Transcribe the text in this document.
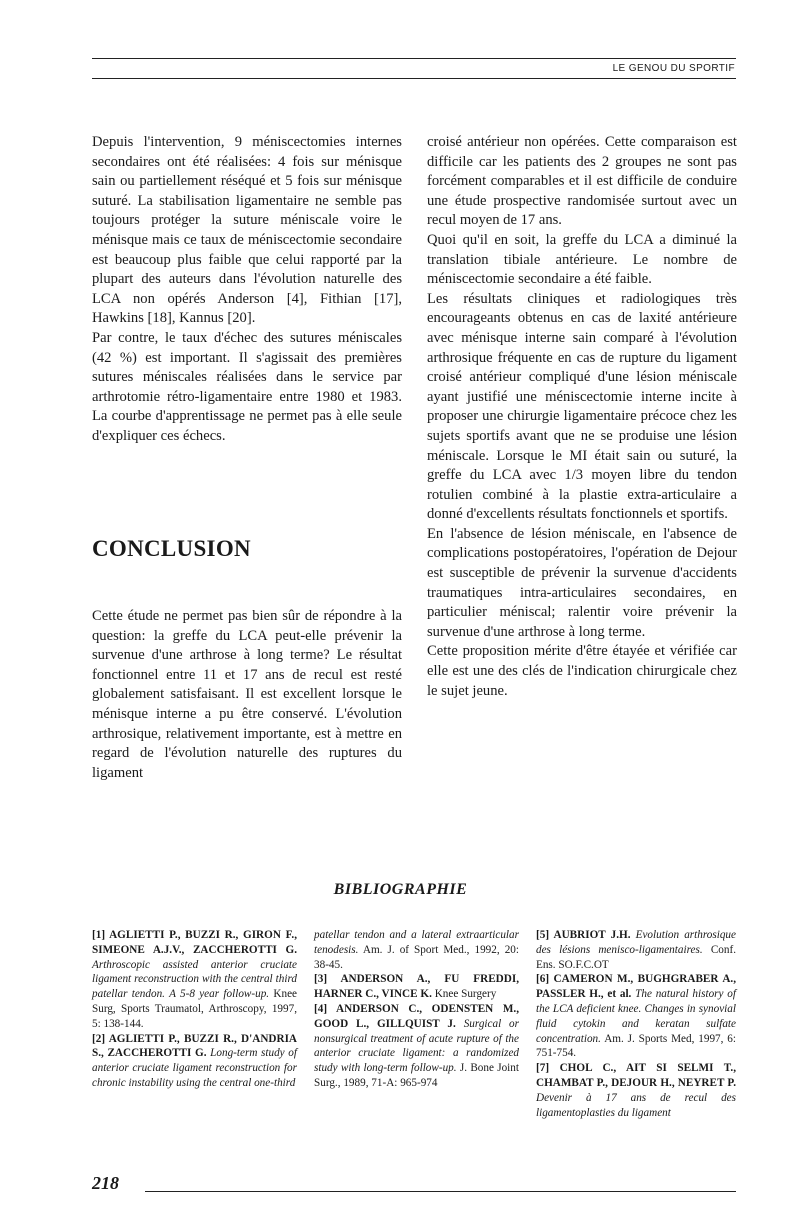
LE GENOU DU SPORTIF

Depuis l'intervention, 9 méniscectomies internes secondaires ont été réalisées: 4 fois sur ménisque sain ou partiellement réséqué et 5 fois sur ménisque suturé. La stabilisation ligamentaire ne semble pas toujours protéger la suture méniscale voire le ménisque mais ce taux de méniscectomie secondaire est beaucoup plus faible que celui rapporté par la plupart des auteurs dans l'évolution naturelle des LCA non opérés Anderson [4], Fithian [17], Hawkins [18], Kannus [20].

Par contre, le taux d'échec des sutures méniscales (42 %) est important. Il s'agissait des premières sutures méniscales réalisées dans le service par arthrotomie rétro-ligamentaire entre 1980 et 1983. La courbe d'apprentissage ne permet pas à elle seule d'expliquer ces échecs.

CONCLUSION

Cette étude ne permet pas bien sûr de répondre à la question: la greffe du LCA peut-elle prévenir la survenue d'une arthrose à long terme? Le résultat fonctionnel entre 11 et 17 ans de recul est resté globalement satisfaisant. Il est excellent lorsque le ménisque interne a pu être conservé. L'évolution arthrosique, relativement importante, est à mettre en regard de l'évolution naturelle des ruptures du ligament

croisé antérieur non opérées. Cette comparaison est difficile car les patients des 2 groupes ne sont pas forcément comparables et il est difficile de conduire une étude prospective randomisée surtout avec un recul moyen de 17 ans.

Quoi qu'il en soit, la greffe du LCA a diminué la translation tibiale antérieure. Le nombre de méniscectomie secondaire a été faible.

Les résultats cliniques et radiologiques très encourageants obtenus en cas de laxité antérieure avec ménisque interne sain comparé à l'évolution arthrosique fréquente en cas de rupture du ligament croisé antérieur compliqué d'une lésion méniscale ayant justifié une méniscectomie interne incite à proposer une chirurgie ligamentaire précoce chez les sujets sportifs avant que ne se produise une lésion méniscale. Lorsque le MI était sain ou suturé, la greffe du LCA avec 1/3 moyen libre du tendon rotulien combiné à la plastie extra-articulaire a donné d'excellents résultats fonctionnels et sportifs.

En l'absence de lésion méniscale, en l'absence de complications postopératoires, l'opération de Dejour est susceptible de prévenir la survenue d'accidents traumatiques intra-articulaires secondaires, en particulier méniscal; ralentir voire prévenir la survenue d'une arthrose à long terme.

Cette proposition mérite d'être étayée et vérifiée car elle est une des clés de l'indication chirurgicale chez le sujet jeune.

BIBLIOGRAPHIE

[1] AGLIETTI P., BUZZI R., GIRON F., SIMEONE A.J.V., ZACCHEROTTI G. Arthroscopic assisted anterior cruciate ligament reconstruction with the central third patellar tendon. A 5-8 year follow-up. Knee Surg, Sports Traumatol, Arthroscopy, 1997, 5: 138-144.

[2] AGLIETTI P., BUZZI R., D'ANDRIA S., ZACCHEROTTI G. Long-term study of anterior cruciate ligament reconstruction for chronic instability using the central one-third

patellar tendon and a lateral extraarticular tenodesis. Am. J. of Sport Med., 1992, 20: 38-45.

[3] ANDERSON A., FU FREDDI, HARNER C., VINCE K. Knee Surgery

[4] ANDERSON C., ODENSTEN M., GOOD L., GILLQUIST J. Surgical or nonsurgical treatment of acute rupture of the anterior cruciate ligament: a randomized study with long-term follow-up. J. Bone Joint Surg., 1989, 71-A: 965-974

[5] AUBRIOT J.H. Evolution arthrosique des lésions menisco-ligamentaires. Conf. Ens. SO.F.C.OT

[6] CAMERON M., BUGHGRABER A., PASSLER H., et al. The natural history of the LCA deficient knee. Changes in synovial fluid cytokin and keratan sulfate concentration. Am. J. Sports Med, 1997, 6: 751-754.

[7] CHOL C., AIT SI SELMI T., CHAMBAT P., DEJOUR H., NEYRET P. Devenir à 17 ans de recul des ligamentoplasties du ligament

218
